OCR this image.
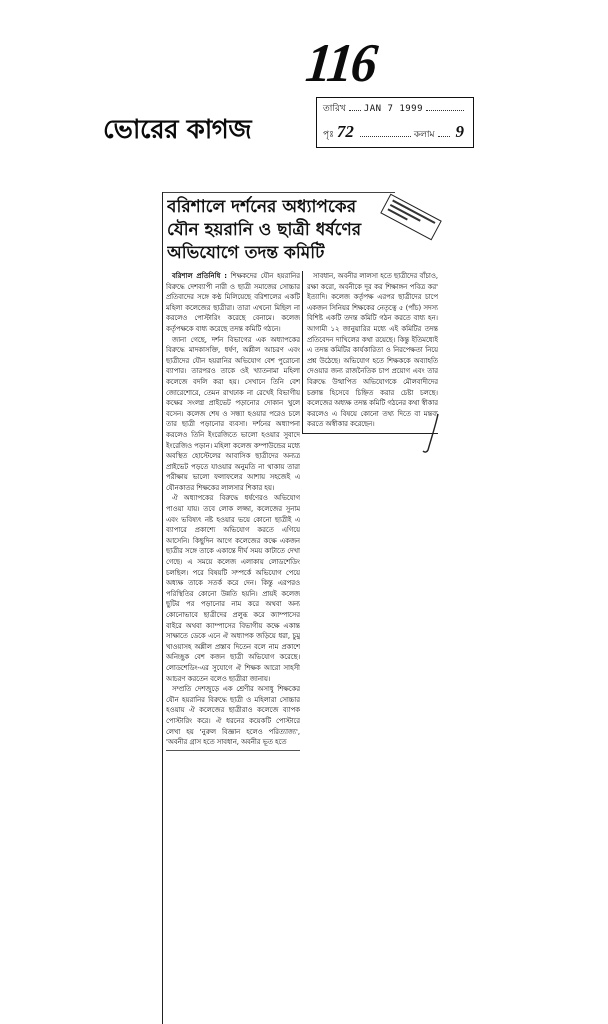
116
ভোরের কাগজ
তারিখ JAN 7 1999
পৃঃ 72	কলাম 9
বরিশালে দর্শনের অধ্যাপকের
যৌন হয়রানি ও ছাত্রী ধর্ষণের
অভিযোগে তদন্ত কমিটি

বরিশাল প্রতিনিধি : শিক্ষকদের যৌন হয়রানির বিরুদ্ধে দেশব্যাপী নারী ও ছাত্রী সমাজের সোচ্চার প্রতিবাদের সঙ্গে কণ্ঠ মিলিয়েছে বরিশালের একটি মহিলা কলেজের ছাত্রীরা। তারা এখনো মিছিল না করলেও পোস্টারিং করেছে বেনামে। কলেজ কর্তৃপক্ষকে বাধ্য করেছে তদন্ত কমিটি গঠনে।

জানা গেছে, দর্শন বিভাগের এক অধ্যাপকের বিরুদ্ধে মাদকাসক্তি, ধর্ষণ, অশ্লীল আচরণ এবং ছাত্রীদের যৌন হয়রানির অভিযোগ বেশ পুরোনো ব্যাপার। তারপরও তাকে ওই খ্যাতনামা মহিলা কলেজে বদলি করা হয়। সেখানে তিনি বেশ জোরেশোরে, তেমন রাখঢাক না রেখেই বিভাগীয় কক্ষের সংলগ্ন প্রাইভেট পড়ানোর দোকান খুলে বসেন। কলেজ শেষ ও সন্ধ্যা হওয়ার পরেও চলে তার ছাত্রী পড়ানোর ব্যবসা। দর্শনের অধ্যাপনা করলেও তিনি ইংরেজিতে ভালো হওয়ার সুবাদে ইংরেজিও পড়ান। মহিলা কলেজ কম্পাউন্ডের মধ্যে অবস্থিত হোস্টেলের আবাসিক ছাত্রীদের অন্যত্র প্রাইভেট পড়তে যাওয়ার অনুমতি না থাকায় তারা পরীক্ষায় ভালো ফলাফলের আশায় সহজেই এ যৌনকাতর শিক্ষকের লালসার শিকার হয়।

ঐ অধ্যাপকের বিরুদ্ধে ধর্ষণেরও অভিযোগ পাওয়া যায়। তবে লোক লজ্জা, কলেজের সুনাম এবং ভবিষ্যৎ নষ্ট হওয়ার ভয়ে কোনো ছাত্রীই এ ব্যাপারে প্রকাশ্যে অভিযোগ করতে এগিয়ে আসেনি। কিছুদিন আগে কলেজের কক্ষে একজন ছাত্রীর সঙ্গে তাকে একান্তে দীর্ঘ সময় কাটাতে দেখা গেছে। এ সময়ে কলেজ এলাকায় লোডশেডিং চলছিল। পরে বিষয়টি সম্পর্কে অভিযোগ পেয়ে অধ্যক্ষ তাকে সতর্ক করে দেন। কিন্তু এরপরও পরিস্থিতির কোনো উন্নতি হয়নি। প্রায়ই কলেজ ছুটির পর পড়ানোর নাম করে অথবা অন্য কোনোভাবে ছাত্রীদের প্রলুব্ধ করে ক্যাম্পাসের বাইরে অথবা ক্যাম্পাসের বিভাগীয় কক্ষে একান্ত সাক্ষাতে ডেকে এনে ঐ অধ্যাপক জড়িয়ে ধরা, চুমু খাওয়াসহ অশ্লীল প্রস্তাব দিতেন বলে নাম প্রকাশে অনিচ্ছুক বেশ কজন ছাত্রী অভিযোগ করেছে। লোডশেডিং-এর সুযোগে ঐ শিক্ষক আরো সাহসী আচরণ করতেন বলেও ছাত্রীরা জানায়।

সম্প্রতি দেশজুড়ে এক শ্রেণীর অসাধু শিক্ষকের যৌন হয়রানির বিরুদ্ধে ছাত্রী ও মহিলারা সোচ্চার হওয়ায় ঐ কলেজের ছাত্রীরাও কলেজে ব্যাপক পোস্টারিং করে। ঐ ধরনের কয়েকটি পোস্টারে লেখা হয় 'নুরুল বিজ্ঞান হলেও পরিত্যাজ্য', 'অবনীর গ্রাস হতে সাবধান, অবনীর ভূত হতে

সাবধান, অবনীর লালসা হতে ছাত্রীদের বাঁচাও, রক্ষা করো, অবনীকে দূর কর শিক্ষাঙ্গন পবিত্র কর' ইত্যাদি। কলেজ কর্তৃপক্ষ এরপর ছাত্রীদের চাপে একজন সিনিয়র শিক্ষকের নেতৃত্বে ৫ (পাঁচ) সদস্য বিশিষ্ট একটি তদন্ত কমিটি গঠন করতে বাধ্য হন। আগামী ১২ জানুয়ারির মধ্যে এই কমিটির তদন্ত প্রতিবেদন দাখিলের কথা রয়েছে। কিন্তু ইতিমধ্যেই এ তদন্ত কমিটির কার্যকারিতা ও নিরপেক্ষতা নিয়ে প্রশ্ন উঠেছে। অভিযোগ হতে শিক্ষককে অব্যাহতি দেওয়ার জন্য রাজনৈতিক চাপ প্রয়োগ এবং তার বিরুদ্ধে উত্থাপিত অভিযোগকে মৌলবাদীদের চক্রান্ত হিসেবে চিহ্নিত করার চেষ্টা চলছে। কলেজের অধ্যক্ষ তদন্ত কমিটি গঠনের কথা স্বীকার করলেও এ বিষয়ে কোনো তথ্য দিতে বা মন্তব্য করতে অস্বীকার করেছেন।
